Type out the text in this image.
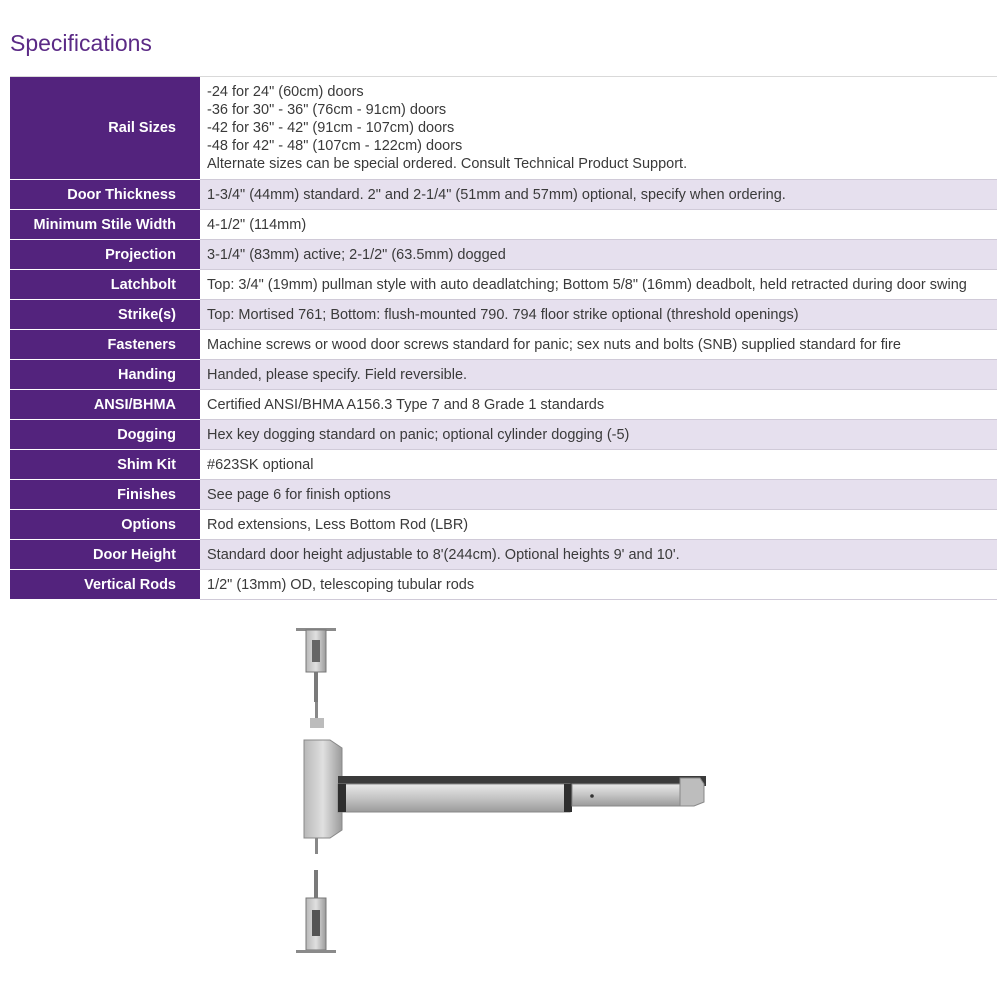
Specifications
Rail Sizes	-24 for 24" (60cm) doors
-36 for 30" - 36" (76cm - 91cm) doors
-42 for 36" - 42" (91cm - 107cm) doors
-48 for 42" - 48" (107cm - 122cm) doors
Alternate sizes can be special ordered. Consult Technical Product Support.

Door Thickness	1-3/4" (44mm) standard. 2" and 2-1/4" (51mm and 57mm) optional, specify when ordering.

Minimum Stile Width	4-1/2" (114mm)

Projection	3-1/4" (83mm) active; 2-1/2" (63.5mm) dogged

Latchbolt	Top: 3/4" (19mm) pullman style with auto deadlatching; Bottom 5/8" (16mm) deadbolt, held retracted during door swing

Strike(s)	Top: Mortised 761; Bottom: flush-mounted 790. 794 floor strike optional (threshold openings)

Fasteners	Machine screws or wood door screws standard for panic; sex nuts and bolts (SNB) supplied standard for fire

Handing	Handed, please specify. Field reversible.

ANSI/BHMA	Certified ANSI/BHMA A156.3 Type 7 and 8 Grade 1 standards

Dogging	Hex key dogging standard on panic; optional cylinder dogging (-5)

Shim Kit	#623SK optional

Finishes	See page 6 for finish options

Options	Rod extensions, Less Bottom Rod (LBR)

Door Height	Standard door height adjustable to 8'(244cm). Optional heights 9' and 10'.

Vertical Rods	1/2" (13mm) OD, telescoping tubular rods
